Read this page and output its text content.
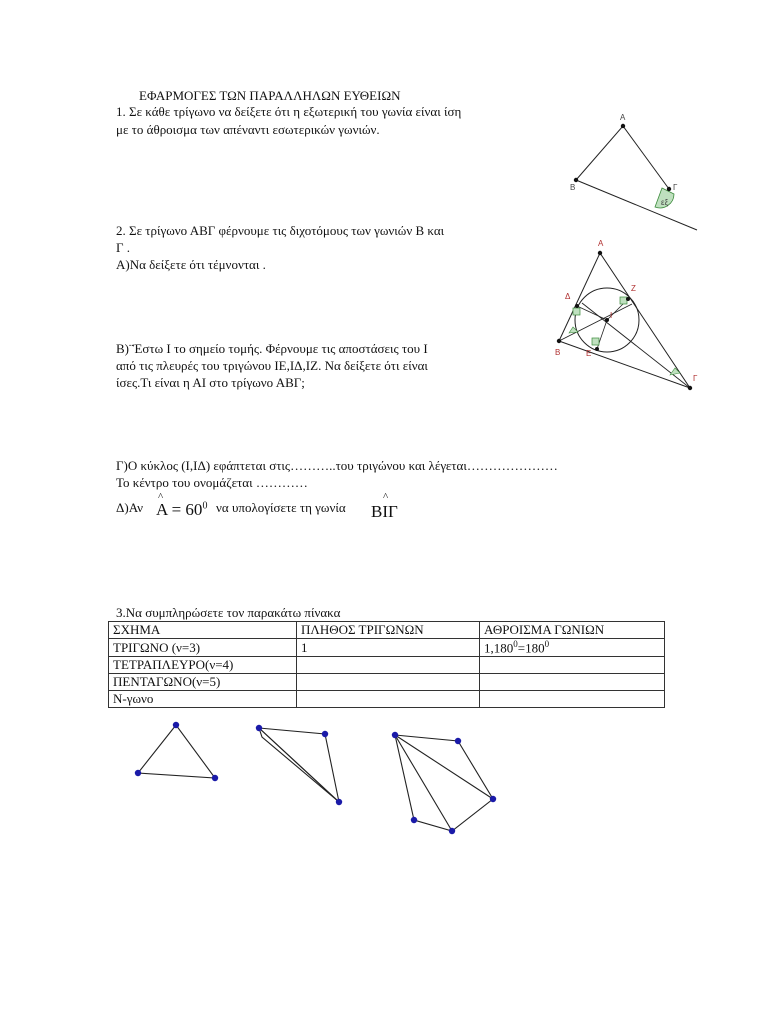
ΕΦΑΡΜΟΓΕΣ ΤΩΝ ΠΑΡΑΛΛΗΛΩΝ ΕΥΘΕΙΩΝ
1. Σε κάθε τρίγωνο να δείξετε ότι η εξωτερική του γωνία είναι ίση
με το άθροισμα των απέναντι εσωτερικών γωνιών.
Α
Β	Γ
εξ
2. Σε τρίγωνο ΑΒΓ φέρνουμε τις διχοτόμους των γωνιών Β και
Γ .
Α)Να δείξετε ότι τέμνονται .
Β)¨Έστω Ι το σημείο τομής. Φέρνουμε τις αποστάσεις του Ι
από τις πλευρές του τριγώνου ΙΕ,ΙΔ,ΙΖ. Να δείξετε ότι είναι
ίσες.Τι είναι η ΑΙ στο τρίγωνο ΑΒΓ;
Α
Β
Γ
Δ
Ζ
Ι
Ε
Γ)Ο κύκλος (Ι,ΙΔ) εφάπτεται στις………..του τριγώνου και λέγεται…………………
Το κέντρο του ονομάζεται …………
Δ)Αν
^
$A = 60^0$ να υπολογίσετε τη γωνία
^
BIΓ
3.Να συμπληρώσετε τον παρακάτω πίνακα
ΣΧΗΜΑ	ΠΛΗΘΟΣ ΤΡΙΓΩΝΩΝ	ΑΘΡΟΙΣΜΑ ΓΩΝΙΩΝ
ΤΡΙΓΩΝΟ (ν=3)	1	$1,180^0=180^0$
ΤΕΤΡΑΠΛΕΥΡΟ(ν=4)		
ΠΕΝΤΑΓΩΝΟ(ν=5)		
Ν-γωνο		
